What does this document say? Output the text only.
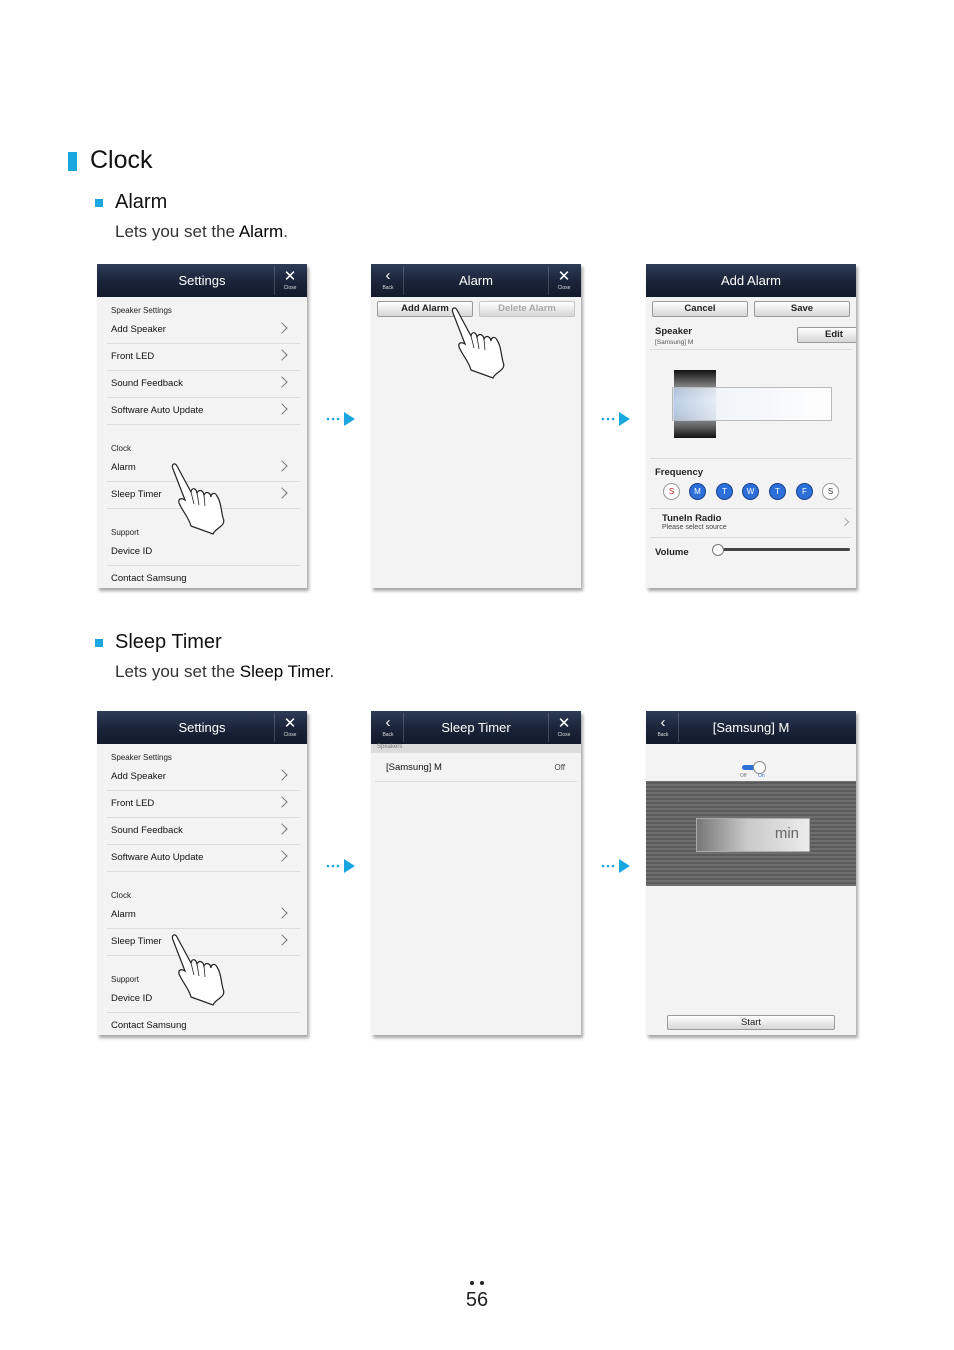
Clock
Alarm
Lets you set the Alarm.
Settings	✕
Close
Speaker Settings
Add Speaker
Front LED
Sound Feedback
Software Auto Update
Clock
Alarm
Sleep Timer
Support
Device ID
Contact Samsung
‹
Back	Alarm	✕
Close
Add Alarm	Delete Alarm
Add Alarm
Cancel	Save
Speaker
[Samsung] M
Edit
Frequency
S	M	T	W	T	F	S
TuneIn Radio
Please select source
Volume
Sleep Timer
Lets you set the Sleep Timer.
Settings	✕
Close
Speaker Settings
Add Speaker
Front LED
Sound Feedback
Software Auto Update
Clock
Alarm
Sleep Timer
Support
Device ID
Contact Samsung
‹
Back	Sleep Timer	✕
Close
Speakers
[Samsung] M	Off
‹
Back	[Samsung] M
Off On
min
Start
56
